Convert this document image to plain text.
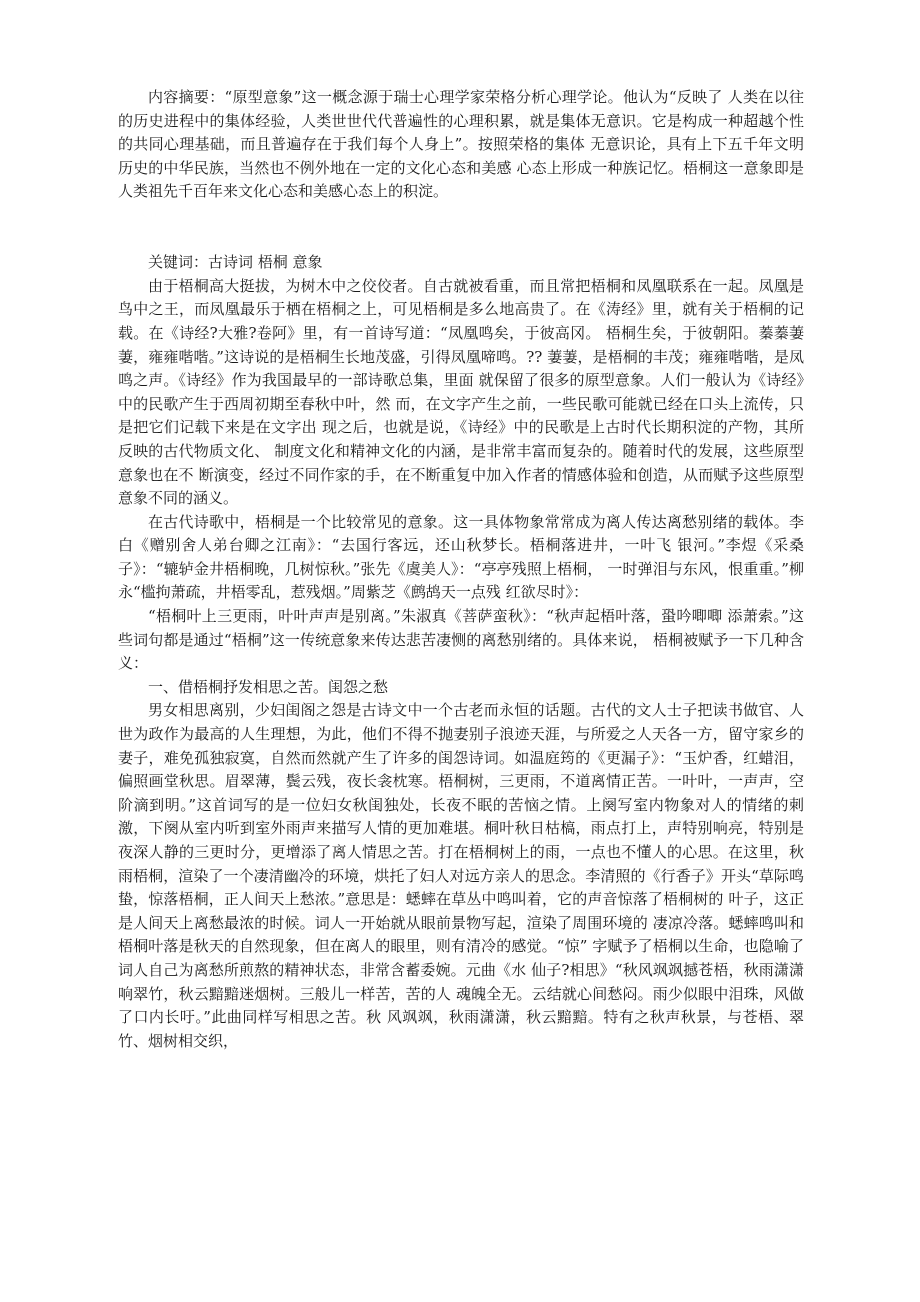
内容摘要：“原型意象”这一概念源于瑞士心理学家荣格分析心理学论。他认为“反映了 人类在以往的历史进程中的集体经验，人类世世代代普遍性的心理积累，就是集体无意识。它是构成一种超越个性的共同心理基础，而且普遍存在于我们每个人身上”。按照荣格的集体 无意识论，具有上下五千年文明历史的中华民族，当然也不例外地在一定的文化心态和美感 心态上形成一种族记忆。梧桐这一意象即是人类祖先千百年来文化心态和美感心态上的积淀。

关键词：古诗词 梧桐 意象

由于梧桐高大挺拔，为树木中之佼佼者。自古就被看重，而且常把梧桐和凤凰联系在一起。凤凰是鸟中之王，而凤凰最乐于栖在梧桐之上，可见梧桐是多么地高贵了。在《涛经》里，就有关于梧桐的记载。在《诗经?大雅?卷阿》里，有一首诗写道：“凤凰鸣矣，于彼高冈。 梧桐生矣，于彼朝阳。蓁蓁萋萋，雍雍喈喈。”这诗说的是梧桐生长地茂盛，引得凤凰啼鸣。?? 萋萋，是梧桐的丰茂；雍雍喈喈，是凤鸣之声。《诗经》作为我国最早的一部诗歌总集，里面 就保留了很多的原型意象。人们一般认为《诗经》中的民歌产生于西周初期至春秋中叶，然 而，在文字产生之前，一些民歌可能就已经在口头上流传，只是把它们记载下来是在文字出 现之后，也就是说，《诗经》中的民歌是上古时代长期积淀的产物，其所反映的古代物质文化、 制度文化和精神文化的内涵，是非常丰富而复杂的。随着时代的发展，这些原型意象也在不 断演变，经过不同作家的手，在不断重复中加入作者的情感体验和创造，从而赋予这些原型 意象不同的涵义。

在古代诗歌中，梧桐是一个比较常见的意象。这一具体物象常常成为离人传达离愁别绪的载体。李白《赠别舍人弟台卿之江南》：“去国行客远，还山秋梦长。梧桐落进井，一叶飞 银河。”李煜《采桑子》：“辘轳金井梧桐晚，几树惊秋。”张先《虞美人》：“亭亭残照上梧桐， 一时弹泪与东风，恨重重。”柳永“槛拘萧疏，井梧零乱，惹残烟。”周紫芝《鹧鸪天一点残 红欲尽时》：

“梧桐叶上三更雨，叶叶声声是别离。”朱淑真《菩萨蛮秋》：“秋声起梧叶落，蛩吟唧唧 添萧索。”这些词句都是通过“梧桐”这一传统意象来传达悲苦凄恻的离愁别绪的。具体来说， 梧桐被赋予一下几种含义：

一、借梧桐抒发相思之苦。闺怨之愁

男女相思离别，少妇闺阁之怨是古诗文中一个古老而永恒的话题。古代的文人士子把读书做官、人世为政作为最高的人生理想，为此，他们不得不抛妻别子浪迹天涯，与所爱之人天各一方，留守家乡的妻子，难免孤独寂寞，自然而然就产生了许多的闺怨诗词。如温庭筠的《更漏子》：“玉炉香，红蜡泪，偏照画堂秋思。眉翠薄，鬓云残，夜长衾枕寒。梧桐树，三更雨，不道离情正苦。一叶叶，一声声，空阶滴到明。”这首词写的是一位妇女秋闺独处，长夜不眠的苦恼之情。上阕写室内物象对人的情绪的刺激，下阕从室内听到室外雨声来描写人情的更加难堪。桐叶秋日枯槁，雨点打上，声特别响亮，特别是夜深人静的三更时分，更增添了离人情思之苦。打在梧桐树上的雨，一点也不懂人的心思。在这里，秋雨梧桐，渲染了一个凄清幽冷的环境，烘托了妇人对远方亲人的思念。李清照的《行香子》开头“草际鸣蛰，惊落梧桐，正人间天上愁浓。”意思是：蟋蟀在草丛中鸣叫着，它的声音惊落了梧桐树的 叶子，这正是人间天上离愁最浓的时候。词人一开始就从眼前景物写起，渲染了周围环境的 凄凉冷落。蟋蟀鸣叫和梧桐叶落是秋天的自然现象，但在离人的眼里，则有清冷的感觉。“惊” 字赋予了梧桐以生命，也隐喻了词人自己为离愁所煎熬的精神状态，非常含蓄委婉。元曲《水 仙子?相思》“秋风飒飒撼苍梧，秋雨潇潇响翠竹，秋云黯黯迷烟树。三般儿一样苦，苦的人 魂魄全无。云结就心间愁闷。雨少似眼中泪珠，风做了口内长吁。”此曲同样写相思之苦。秋 风飒飒，秋雨潇潇，秋云黯黯。特有之秋声秋景，与苍梧、翠竹、烟树相交织，
